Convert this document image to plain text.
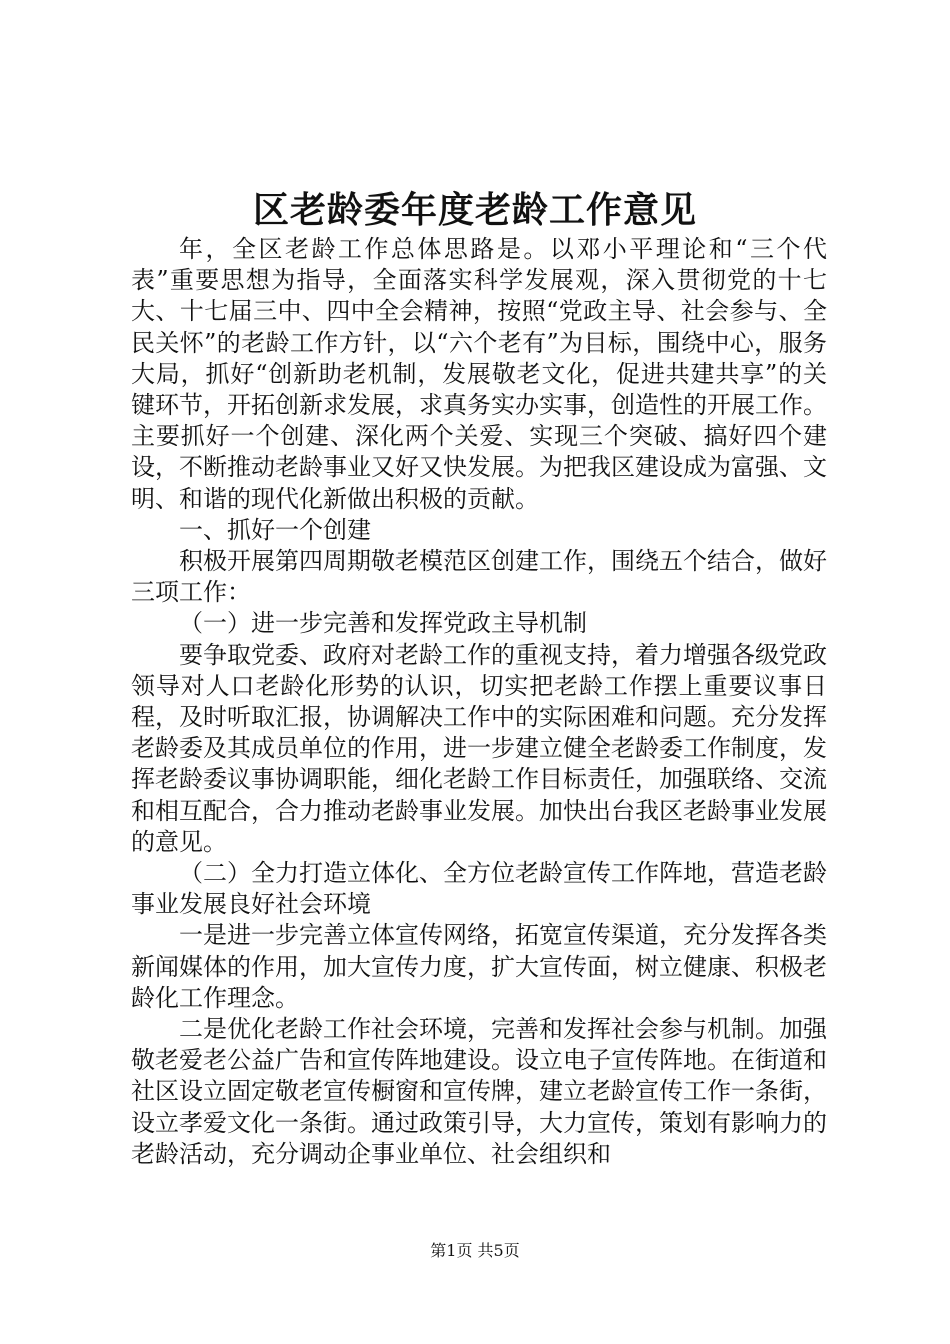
区老龄委年度老龄工作意见

年，全区老龄工作总体思路是。以邓小平理论和“三个代表”重要思想为指导，全面落实科学发展观，深入贯彻党的十七大、十七届三中、四中全会精神，按照“党政主导、社会参与、全民关怀”的老龄工作方针，以“六个老有”为目标，围绕中心，服务大局，抓好“创新助老机制，发展敬老文化，促进共建共享”的关键环节，开拓创新求发展，求真务实办实事，创造性的开展工作。主要抓好一个创建、深化两个关爱、实现三个突破、搞好四个建设，不断推动老龄事业又好又快发展。为把我区建设成为富强、文明、和谐的现代化新做出积极的贡献。

一、抓好一个创建

积极开展第四周期敬老模范区创建工作，围绕五个结合，做好三项工作：

（一）进一步完善和发挥党政主导机制

要争取党委、政府对老龄工作的重视支持，着力增强各级党政领导对人口老龄化形势的认识，切实把老龄工作摆上重要议事日程，及时听取汇报，协调解决工作中的实际困难和问题。充分发挥老龄委及其成员单位的作用，进一步建立健全老龄委工作制度，发挥老龄委议事协调职能，细化老龄工作目标责任，加强联络、交流和相互配合，合力推动老龄事业发展。加快出台我区老龄事业发展的意见。

（二）全力打造立体化、全方位老龄宣传工作阵地，营造老龄事业发展良好社会环境

一是进一步完善立体宣传网络，拓宽宣传渠道，充分发挥各类新闻媒体的作用，加大宣传力度，扩大宣传面，树立健康、积极老龄化工作理念。

二是优化老龄工作社会环境，完善和发挥社会参与机制。加强敬老爱老公益广告和宣传阵地建设。设立电子宣传阵地。在街道和社区设立固定敬老宣传橱窗和宣传牌，建立老龄宣传工作一条街，设立孝爱文化一条街。通过政策引导，大力宣传，策划有影响力的老龄活动，充分调动企事业单位、社会组织和

第1页 共5页
